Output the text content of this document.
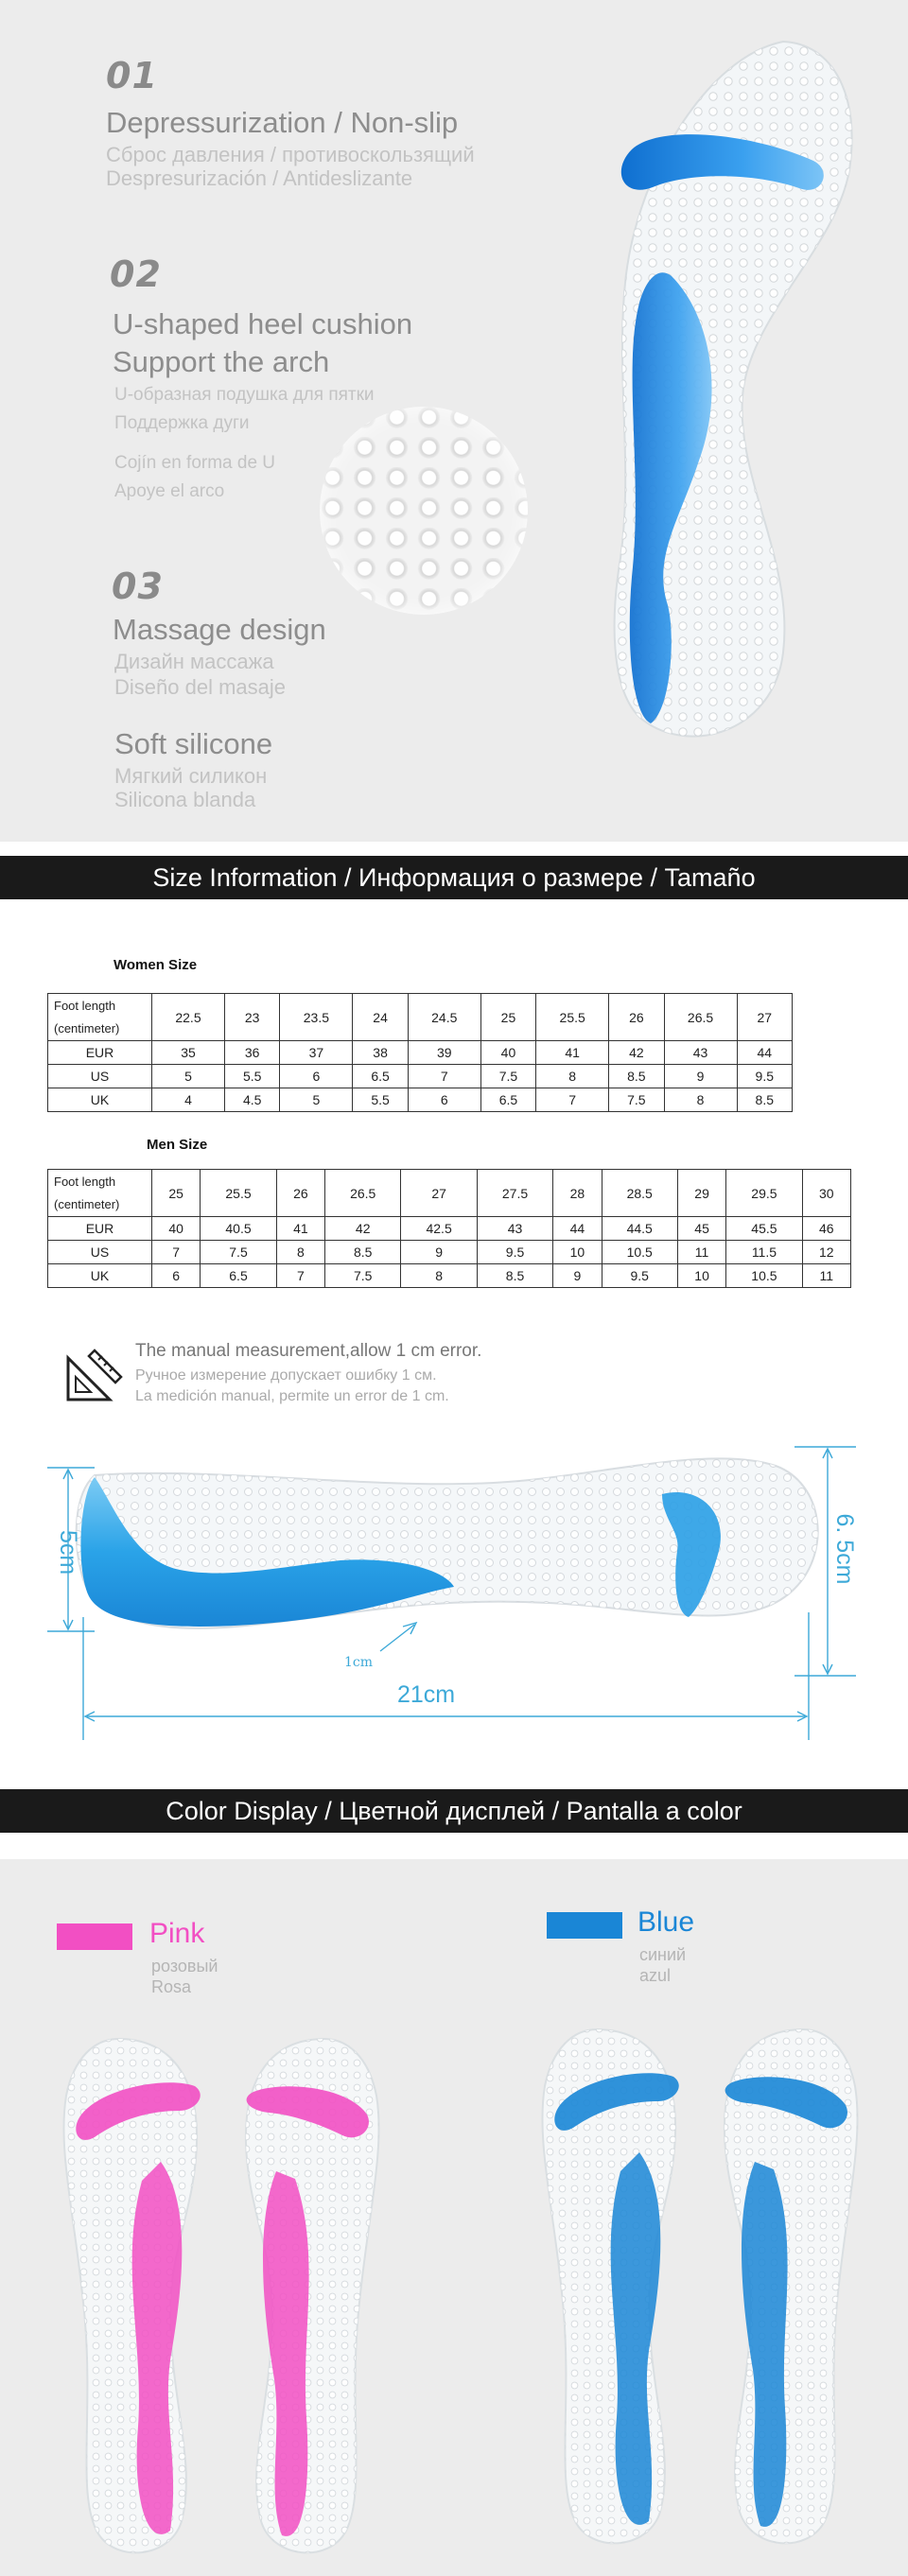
01
Depressurization / Non-slip
Сброс давления / противоскользящий
Despresurización / Antideslizante
02
U-shaped heel cushion
Support the arch
U-образная подушка для пятки
Поддержка дуги
Cojín en forma de U
Apoye el arco
03
Massage design
Дизайн массажа
Diseño del masaje
Soft silicone
Мягкий силикон
Silicona blanda
Size Information / Информация о размере / Tamaño
Women Size
Foot length
(centimeter)	22.5	23	23.5	24	24.5	25	25.5	26	26.5	27
EUR	35	36	37	38	39	40	41	42	43	44
US	5	5.5	6	6.5	7	7.5	8	8.5	9	9.5
UK	4	4.5	5	5.5	6	6.5	7	7.5	8	8.5
Men Size
Foot length
(centimeter)	25	25.5	26	26.5	27	27.5	28	28.5	29	29.5	30
EUR	40	40.5	41	42	42.5	43	44	44.5	45	45.5	46
US	7	7.5	8	8.5	9	9.5	10	10.5	11	11.5	12
UK	6	6.5	7	7.5	8	8.5	9	9.5	10	10.5	11
The manual measurement,allow 1 cm error.
Ручное измерение допускает ошибку 1 см.
La medición manual, permite un error de 1 cm.
5cm	6. 5cm
21cm
1cm
Color Display / Цветной дисплей / Pantalla a color
Pink
розовый
Rosa
Blue
синий
azul
